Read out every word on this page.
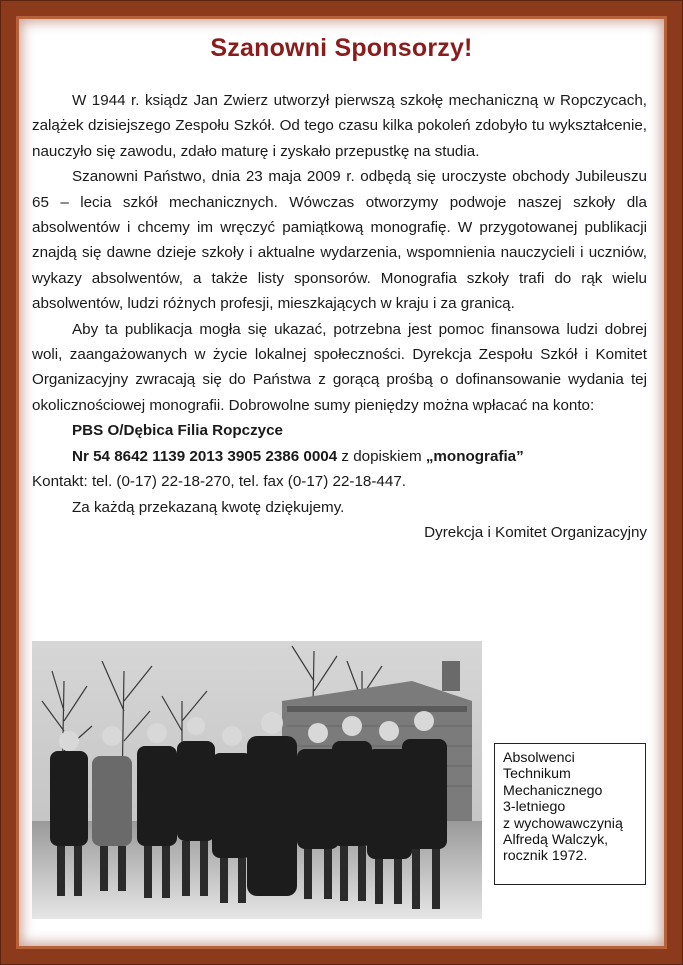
Szanowni Sponsorzy!

W 1944 r. ksiądz Jan Zwierz utworzył pierwszą szkołę mechaniczną w Ropczycach, zalążek dzisiejszego Zespołu Szkół. Od tego czasu kilka pokoleń zdobyło tu wykształcenie, nauczyło się zawodu, zdało maturę i zyskało przepustkę na studia.

Szanowni Państwo, dnia 23 maja 2009 r. odbędą się uroczyste obchody Jubileuszu 65 – lecia szkół mechanicznych. Wówczas otworzymy podwoje naszej szkoły dla absolwentów i chcemy im wręczyć pamiątkową monografię. W przygotowanej publikacji znajdą się dawne dzieje szkoły i aktualne wydarzenia, wspomnienia nauczycieli i uczniów, wykazy absolwentów, a także listy sponsorów. Monografia szkoły trafi do rąk wielu absolwentów, ludzi różnych profesji, mieszkających w kraju i za granicą.

Aby ta publikacja mogła się ukazać, potrzebna jest pomoc finansowa ludzi dobrej woli, zaangażowanych w życie lokalnej społeczności. Dyrekcja Zespołu Szkół i Komitet Organizacyjny zwracają się do Państwa z gorącą prośbą o dofinansowanie wydania tej okolicznościowej monografii. Dobrowolne sumy pieniędzy można wpłacać na konto:

PBS O/Dębica Filia Ropczyce

Nr 54 8642 1139 2013 3905 2386 0004 z dopiskiem „monografia”

Kontakt: tel. (0-17) 22-18-270, tel. fax (0-17) 22-18-447.

Za każdą przekazaną kwotę dziękujemy.

Dyrekcja i Komitet Organizacyjny

Absolwenci
Technikum
Mechanicznego
3-letniego
z wychowawczynią
Alfredą Walczyk,
rocznik 1972.
